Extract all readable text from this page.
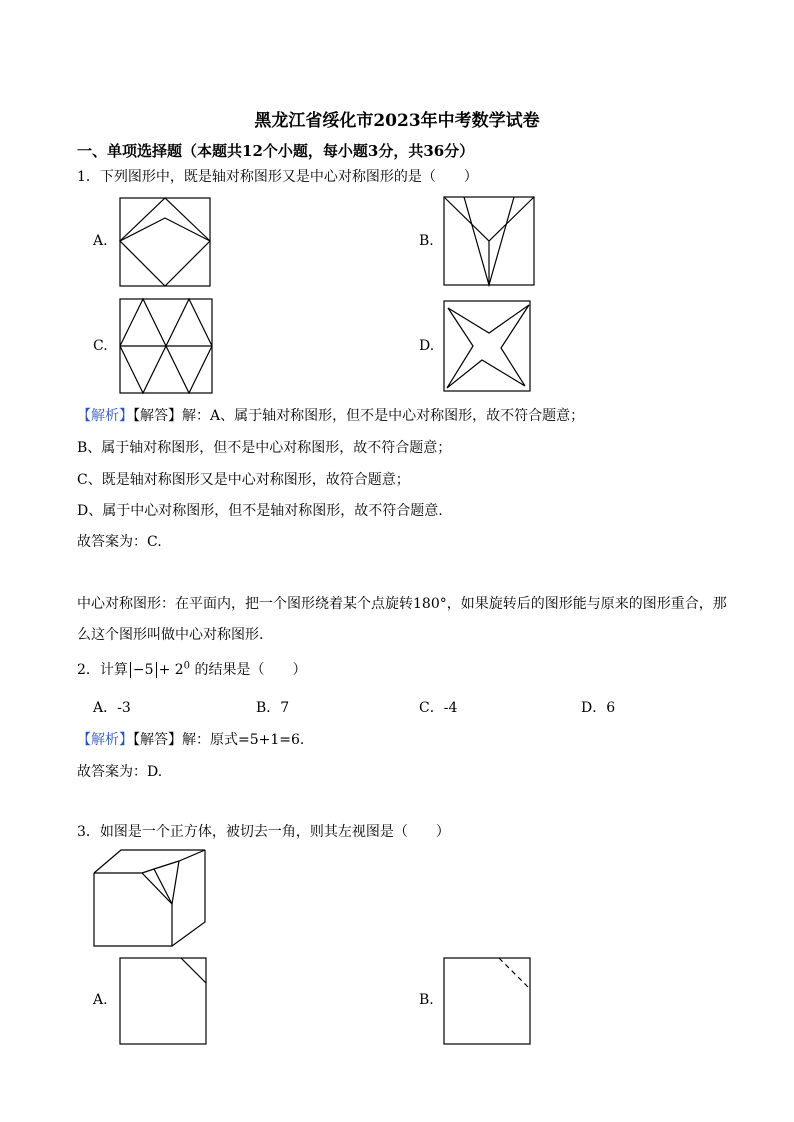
黑龙江省绥化市2023年中考数学试卷
一、单项选择题（本题共12个小题，每小题3分，共36分）
1．下列图形中，既是轴对称图形又是中心对称图形的是（　　）
A.	B.
C.	D.
【解析】【解答】解：A、属于轴对称图形，但不是中心对称图形，故不符合题意；
B、属于轴对称图形，但不是中心对称图形，故不符合题意；
C、既是轴对称图形又是中心对称图形，故符合题意；
D、属于中心对称图形，但不是轴对称图形，故不符合题意.
故答案为：C.
中心对称图形：在平面内，把一个图形绕着某个点旋转180°，如果旋转后的图形能与原来的图形重合，那
么这个图形叫做中心对称图形.
2．计算 $-5 + 2^0$ 的结果是（　　）
A．-3	B．7	C．-4	D．6
【解析】【解答】解：原式=5+1=6.
故答案为：D.
3．如图是一个正方体，被切去一角，则其左视图是（　　）
A.	B.
